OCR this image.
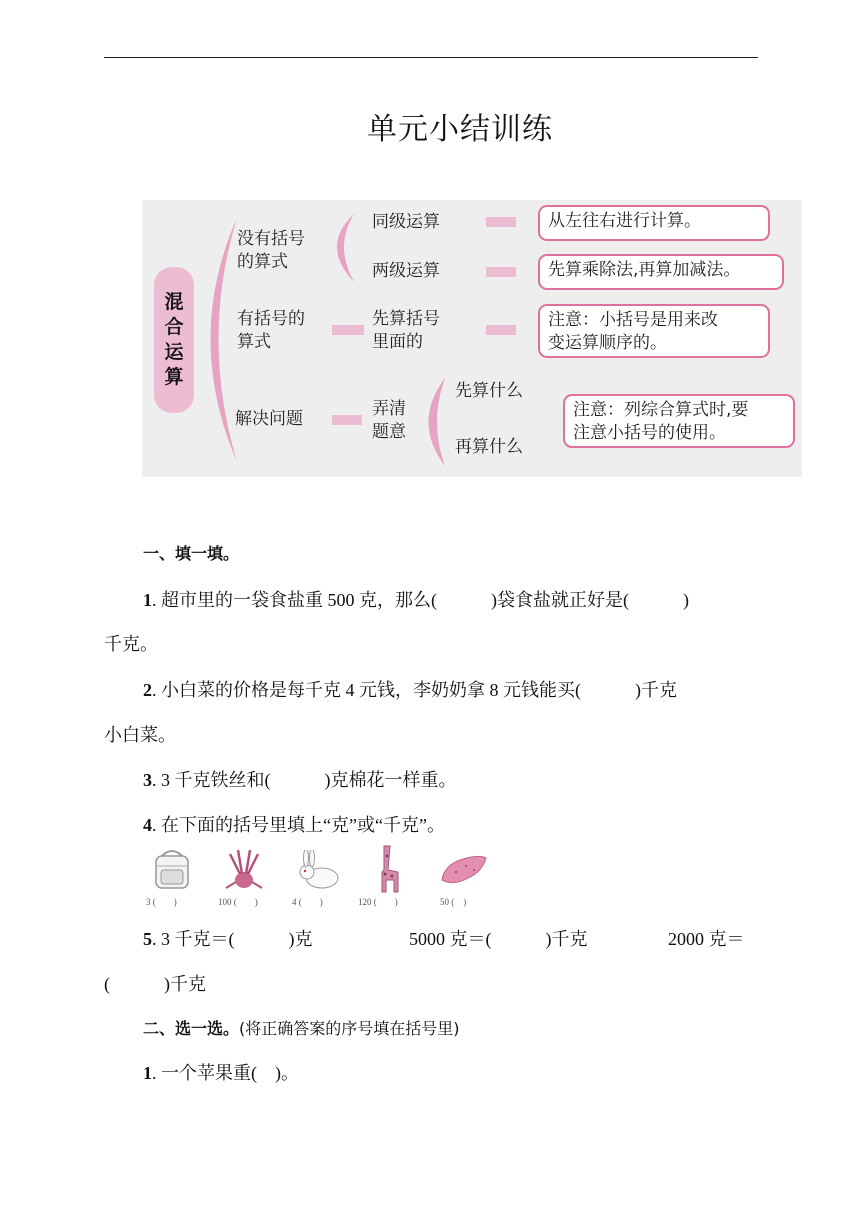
单元小结训练
混合运算
没有括号
的算式
同级运算
两级运算
从左往右进行计算。
先算乘除法,再算加减法。
有括号的
算式
先算括号
里面的
注意：小括号是用来改
变运算顺序的。
解决问题	弄清
题意
先算什么
再算什么
注意：列综合算式时,要
注意小括号的使用。
一、填一填。
1. 超市里的一袋食盐重 500 克，那么(　　　)袋食盐就正好是(　　　)
千克。
2. 小白菜的价格是每千克 4 元钱，李奶奶拿 8 元钱能买(　　　)千克
小白菜。
3. 3 千克铁丝和(　　　)克棉花一样重。
4. 在下面的括号里填上“克”或“千克”。
3 (　　)	100 (　　)	4 (　　)	120 (　　)	50 (　)
5. 3 千克＝(　　　)克	5000 克＝(　　　)千克	2000 克＝
(　　　)千克
二、选一选。(将正确答案的序号填在括号里)
1. 一个苹果重(　)。
